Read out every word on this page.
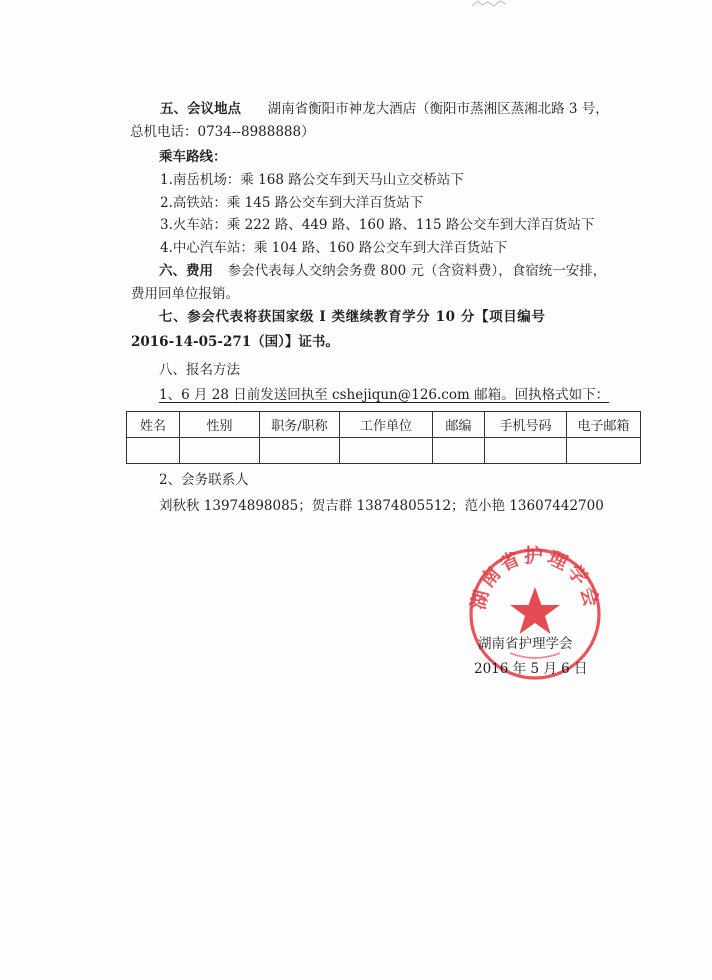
五、会议地点 湖南省衡阳市神龙大酒店（衡阳市蒸湘区蒸湘北路 3 号，
总机电话：0734--8988888）
乘车路线：
1.南岳机场：乘 168 路公交车到天马山立交桥站下
2.高铁站：乘 145 路公交车到大洋百货站下
3.火车站：乘 222 路、449 路、160 路、115 路公交车到大洋百货站下
4.中心汽车站：乘 104 路、160 路公交车到大洋百货站下
六、费用 参会代表每人交纳会务费 800 元（含资料费），食宿统一安排，
费用回单位报销。
七、参会代表将获国家级 I 类继续教育学分 10 分【项目编号
2016-14-05-271（国）】证书。
八、报名方法
1、6 月 28 日前发送回执至 cshejiqun@126.com 邮箱。回执格式如下：
姓名	性别	职务/职称	工作单位	邮编	手机号码	电子邮箱

2、会务联系人
刘秋秋 13974898085；贺吉群 13874805512；范小艳 13607442700
湖南省护理学会
湖南省护理学会
2016 年 5 月 6 日
